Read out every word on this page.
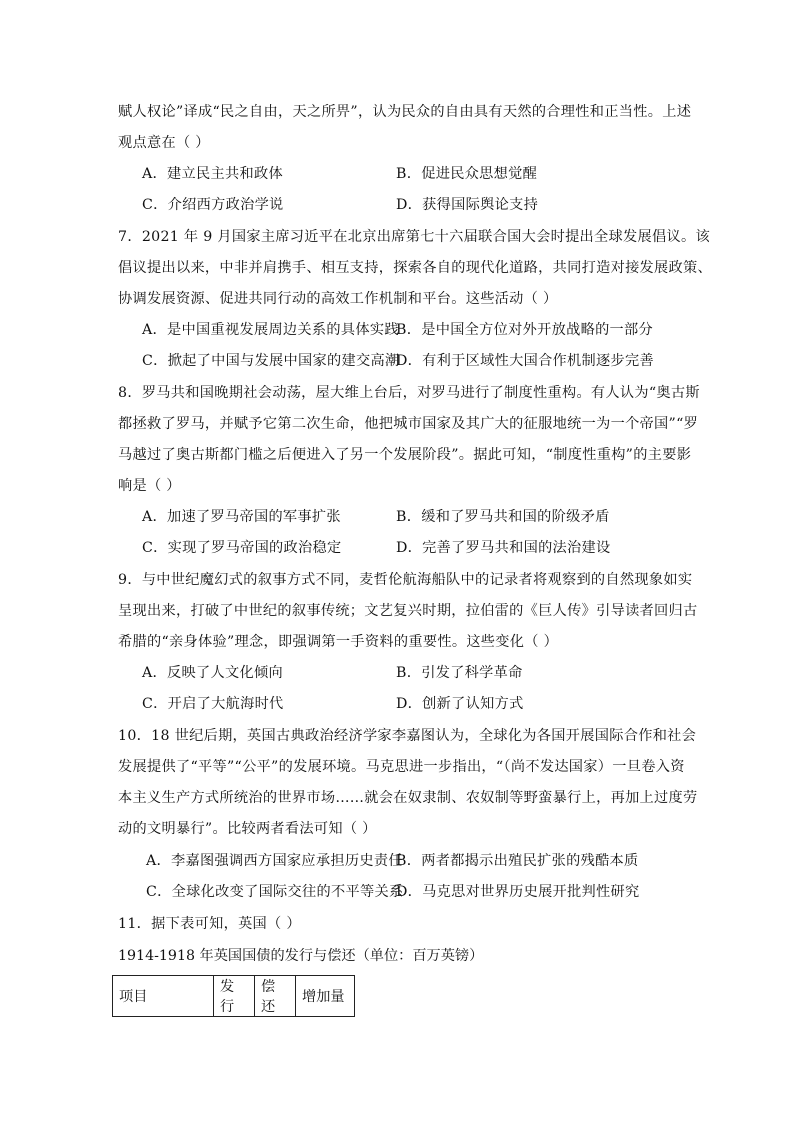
赋人权论”译成“民之自由，天之所畀”，认为民众的自由具有天然的合理性和正当性。上述
观点意在（ ）
A．建立民主共和政体	B．促进民众思想觉醒
C．介绍西方政治学说	D．获得国际舆论支持
7．2021 年 9 月国家主席习近平在北京出席第七十六届联合国大会时提出全球发展倡议。该
倡议提出以来，中非并肩携手、相互支持，探索各自的现代化道路，共同打造对接发展政策、
协调发展资源、促进共同行动的高效工作机制和平台。这些活动（ ）
A．是中国重视发展周边关系的具体实践
B．是中国全方位对外开放战略的一部分
C．掀起了中国与发展中国家的建交高潮
D．有利于区域性大国合作机制逐步完善
8．罗马共和国晚期社会动荡，屋大维上台后，对罗马进行了制度性重构。有人认为“奥古斯
都拯救了罗马，并赋予它第二次生命，他把城市国家及其广大的征服地统一为一个帝国”“罗
马越过了奥古斯都门槛之后便进入了另一个发展阶段”。据此可知，“制度性重构”的主要影
响是（ ）
A．加速了罗马帝国的军事扩张	B．缓和了罗马共和国的阶级矛盾
C．实现了罗马帝国的政治稳定	D．完善了罗马共和国的法治建设
9．与中世纪魔幻式的叙事方式不同，麦哲伦航海船队中的记录者将观察到的自然现象如实
呈现出来，打破了中世纪的叙事传统；文艺复兴时期，拉伯雷的《巨人传》引导读者回归古
希腊的“亲身体验”理念，即强调第一手资料的重要性。这些变化（ ）
A．反映了人文化倾向	B．引发了科学革命
C．开启了大航海时代	D．创新了认知方式
10．18 世纪后期，英国古典政治经济学家李嘉图认为，全球化为各国开展国际合作和社会
发展提供了“平等”“公平”的发展环境。马克思进一步指出，“（尚不发达国家）一旦卷入资
本主义生产方式所统治的世界市场……就会在奴隶制、农奴制等野蛮暴行上，再加上过度劳
动的文明暴行”。比较两者看法可知（ ）
A．李嘉图强调西方国家应承担历史责任
B．两者都揭示出殖民扩张的残酷本质
C．全球化改变了国际交往的不平等关系
D．马克思对世界历史展开批判性研究
11．据下表可知，英国（ ）
1914-1918 年英国国债的发行与偿还（单位：百万英镑）
项目	发行	偿还	增加量
